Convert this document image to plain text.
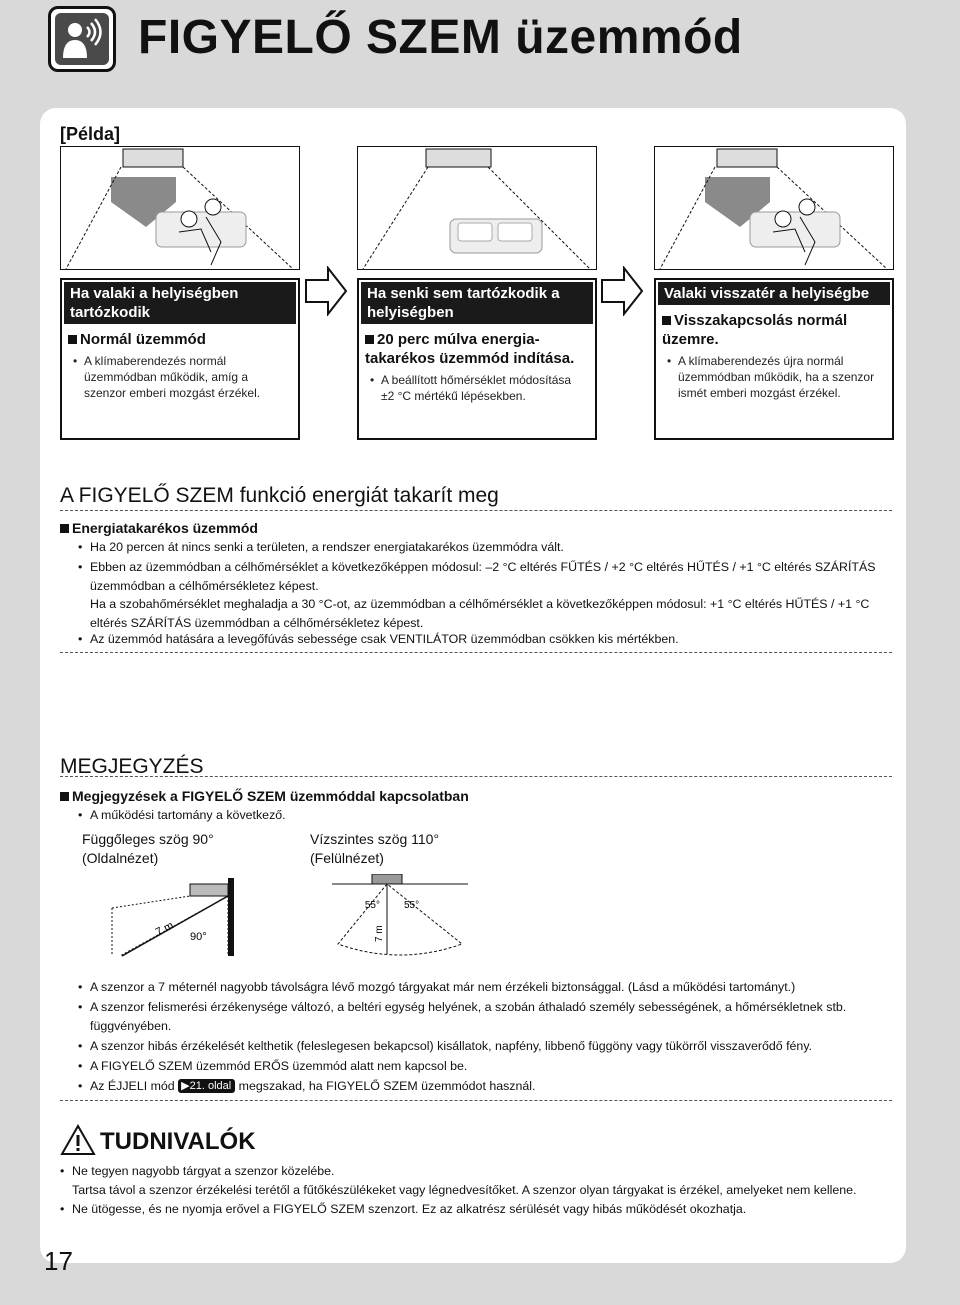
FIGYELŐ SZEM üzemmód
[Példa]
Ha valaki a helyiségben tartózkodik
Normál üzemmód
• A klímaberendezés normál üzemmódban működik, amíg a szenzor emberi mozgást érzékel.
Ha senki sem tartózkodik a helyiségben
20 perc múlva energia-takarékos üzemmód indítása.
• A beállított hőmérséklet módosítása ±2 °C mértékű lépésekben.
Valaki visszatér a helyiségbe
Visszakapcsolás normál üzemre.
• A klímaberendezés újra normál üzemmódban működik, ha a szenzor ismét emberi mozgást érzékel.
A FIGYELŐ SZEM funkció energiát takarít meg
Energiatakarékos üzemmód
• Ha 20 percen át nincs senki a területen, a rendszer energiatakarékos üzemmódra vált.
• Ebben az üzemmódban a célhőmérséklet a következőképpen módosul: –2 °C eltérés FŰTÉS / +2 °C eltérés HŰTÉS / +1 °C eltérés SZÁRÍTÁS üzemmódban a célhőmérsékletez képest.
Ha a szobahőmérséklet meghaladja a 30 °C-ot, az üzemmódban a célhőmérséklet a következőképpen módosul: +1 °C eltérés HŰTÉS / +1 °C eltérés SZÁRÍTÁS üzemmódban a célhőmérsékletez képest.
• Az üzemmód hatására a levegőfúvás sebessége csak VENTILÁTOR üzemmódban csökken kis mértékben.
MEGJEGYZÉS
Megjegyzések a FIGYELŐ SZEM üzemmóddal kapcsolatban
• A működési tartomány a következő.
Függőleges szög 90°
(Oldalnézet)
Vízszintes szög 110°
(Felülnézet)
7 m 90°
55° 55°
7 m
• A szenzor a 7 méternél nagyobb távolságra lévő mozgó tárgyakat már nem érzékeli biztonsággal. (Lásd a működési tartományt.)
• A szenzor felismerési érzékenysége változó, a beltéri egység helyének, a szobán áthaladó személy sebességének, a hőmérsékletnek stb. függvényében.
• A szenzor hibás érzékelését kelthetik (feleslegesen bekapcsol) kisállatok, napfény, libbenő függöny vagy tükörről visszaverődő fény.
• A FIGYELŐ SZEM üzemmód ERŐS üzemmód alatt nem kapcsol be.
• Az ÉJJELI mód ▶21. oldal megszakad, ha FIGYELŐ SZEM üzemmódot használ.
TUDNIVALÓK
• Ne tegyen nagyobb tárgyat a szenzor közelébe.
Tartsa távol a szenzor érzékelési terétől a fűtőkészülékeket vagy légnedvesítőket. A szenzor olyan tárgyakat is érzékel, amelyeket nem kellene.
• Ne ütögesse, és ne nyomja erővel a FIGYELŐ SZEM szenzort. Ez az alkatrész sérülését vagy hibás működését okozhatja.
17
